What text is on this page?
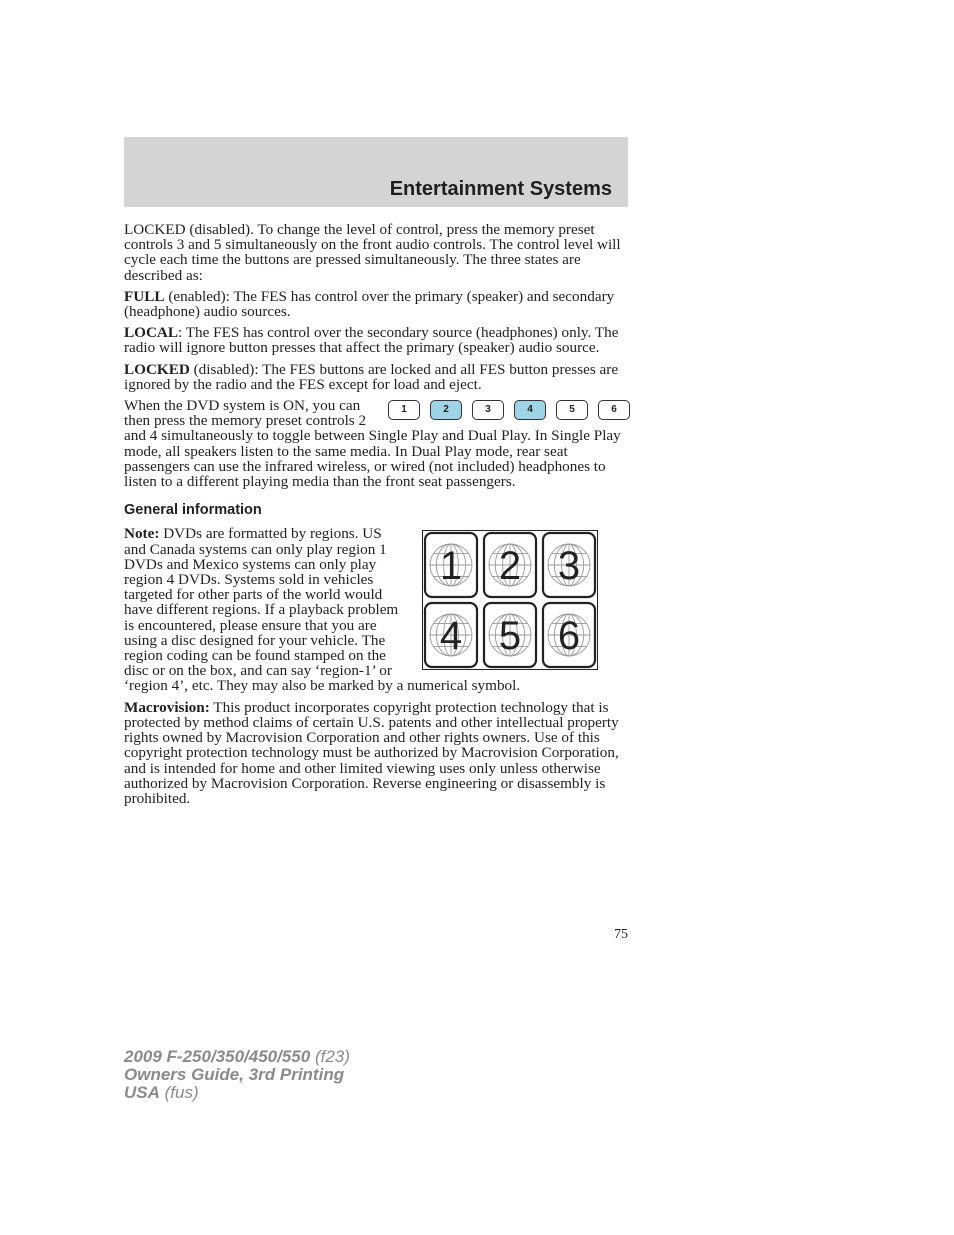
Entertainment Systems

LOCKED (disabled). To change the level of control, press the memory preset controls 3 and 5 simultaneously on the front audio controls. The control level will cycle each time the buttons are pressed simultaneously. The three states are described as:

FULL (enabled): The FES has control over the primary (speaker) and secondary (headphone) audio sources.

LOCAL: The FES has control over the secondary source (headphones) only. The radio will ignore button presses that affect the primary (speaker) audio source.

LOCKED (disabled): The FES buttons are locked and all FES button presses are ignored by the radio and the FES except for load and eject.

1	2	3	4	5	6

When the DVD system is ON, you can then press the memory preset controls 2 and 4 simultaneously to toggle between Single Play and Dual Play. In Single Play mode, all speakers listen to the same media. In Dual Play mode, rear seat passengers can use the infrared wireless, or wired (not included) headphones to listen to a different playing media than the front seat passengers.

General information
1 2 3
4 5 6

Note: DVDs are formatted by regions. US and Canada systems can only play region 1 DVDs and Mexico systems can only play region 4 DVDs. Systems sold in vehicles targeted for other parts of the world would have different regions. If a playback problem is encountered, please ensure that you are using a disc designed for your vehicle. The region coding can be found stamped on the disc or on the box, and can say ‘region-1’ or ‘region 4’, etc. They may also be marked by a numerical symbol.

Macrovision: This product incorporates copyright protection technology that is protected by method claims of certain U.S. patents and other intellectual property rights owned by Macrovision Corporation and other rights owners. Use of this copyright protection technology must be authorized by Macrovision Corporation, and is intended for home and other limited viewing uses only unless otherwise authorized by Macrovision Corporation. Reverse engineering or disassembly is prohibited.

75
2009 F-250/350/450/550 (f23)
Owners Guide, 3rd Printing
USA (fus)
